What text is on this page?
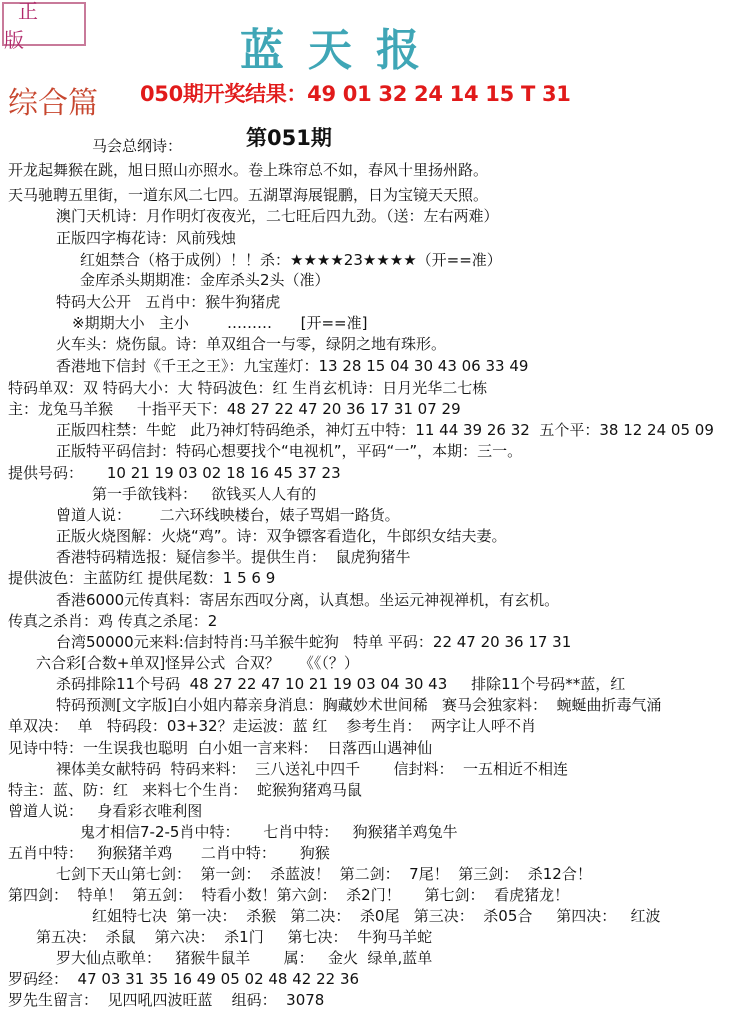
正版	蓝天报
综合篇 050期开奖结果：49 01 32 24 14 15 T 31
马会总纲诗：	第051期
开龙起舞猴在跳，旭日照山亦照水。卷上珠帘总不如，春风十里扬州路。
天马驰聘五里街，一道东风二七四。五湖罩海展锟鹏，日为宝镜天天照。
澳门天机诗：月作明灯夜夜光，二七旺后四九劲。（送：左右两难）
正版四字梅花诗：风前残烛
红姐禁合（格于成例）！！杀：★★★★23★★★★（开==准）
金库杀头期期准：金库杀头2头（准）
特码大公开   五肖中：猴牛狗猪虎
※期期大小   主小        ………      [开==准]
火车头：烧伤鼠。诗：单双组合一与零，绿阴之地有珠形。
香港地下信封《千王之王》：九宝莲灯：13 28 15 04 30 43 06 33 49
特码单双：双 特码大小：大 特码波色：红 生肖玄机诗：日月光华二七栋
主：龙兔马羊猴     十指平天下：48 27 22 47 20 36 17 31 07 29
正版四柱禁：牛蛇   此乃神灯特码绝杀，神灯五中特：11 44 39 26 32  五个平：38 12 24 05 09
正版特平码信封：特码心想要找个“电视机”，平码“一”，本期：三一。
提供号码：     10 21 19 03 02 18 16 45 37 23
第一手欲钱料：   欲钱买人人有的
曾道人说：      二六环线映楼台，婊子骂娼一路货。
正版火烧图解：火烧“鸡”。诗：双争镖客看造化，牛郎织女结夫妻。
香港特码精选报：疑信参半。提供生肖：  鼠虎狗猪牛
提供波色：主蓝防红 提供尾数：1 5 6 9
香港6000元传真料：寄居东西叹分离，认真想。坐运元神视禅机，有玄机。
传真之杀肖：鸡 传真之杀尾：2
台湾50000元来料:信封特肖:马羊猴牛蛇狗   特单 平码：22 47 20 36 17 31
六合彩[合数+单双]怪异公式  合双？    《《（？）
杀码排除11个号码  48 27 22 47 10 21 19 03 04 30 43     排除11个号码**蓝，红
特码预测[文字版]白小姐内幕亲身消息：胸藏妙术世间稀   赛马会独家料：  蜿蜒曲折毒气涌
单双决：  单   特码段：03+32？走运波：蓝 红    参考生肖：  两字让人呼不肖
见诗中特：一生误我也聪明  白小姐一言来料：  日落西山遇神仙
裸体美女献特码  特码来料：  三八送礼中四千       信封料：  一五相近不相连
特主：蓝、防：红   来料七个生肖：  蛇猴狗猪鸡马鼠
曾道人说：   身看彩衣唯利图
鬼才相信7-2-5肖中特：     七肖中特：   狗猴猪羊鸡兔牛
五肖中特：   狗猴猪羊鸡      二肖中特：     狗猴
七剑下天山第七剑：  第一剑：  杀蓝波！  第二剑：  7尾！  第三剑：  杀12合！
第四剑：  特单！  第五剑：  特看小数！第六剑：  杀2门！     第七剑：  看虎猪龙！
红姐特七决  第一决：  杀猴   第二决：  杀0尾   第三决：  杀05合     第四决：   红波
第五决：  杀鼠    第六决：  杀1门     第七决：  牛狗马羊蛇
罗大仙点歌单：   猪猴牛鼠羊       属：   金火  绿单,蓝单
罗码经：  47 03 31 35 16 49 05 02 48 42 22 36
罗先生留言：  见四吼四波旺蓝    组码：  3078
